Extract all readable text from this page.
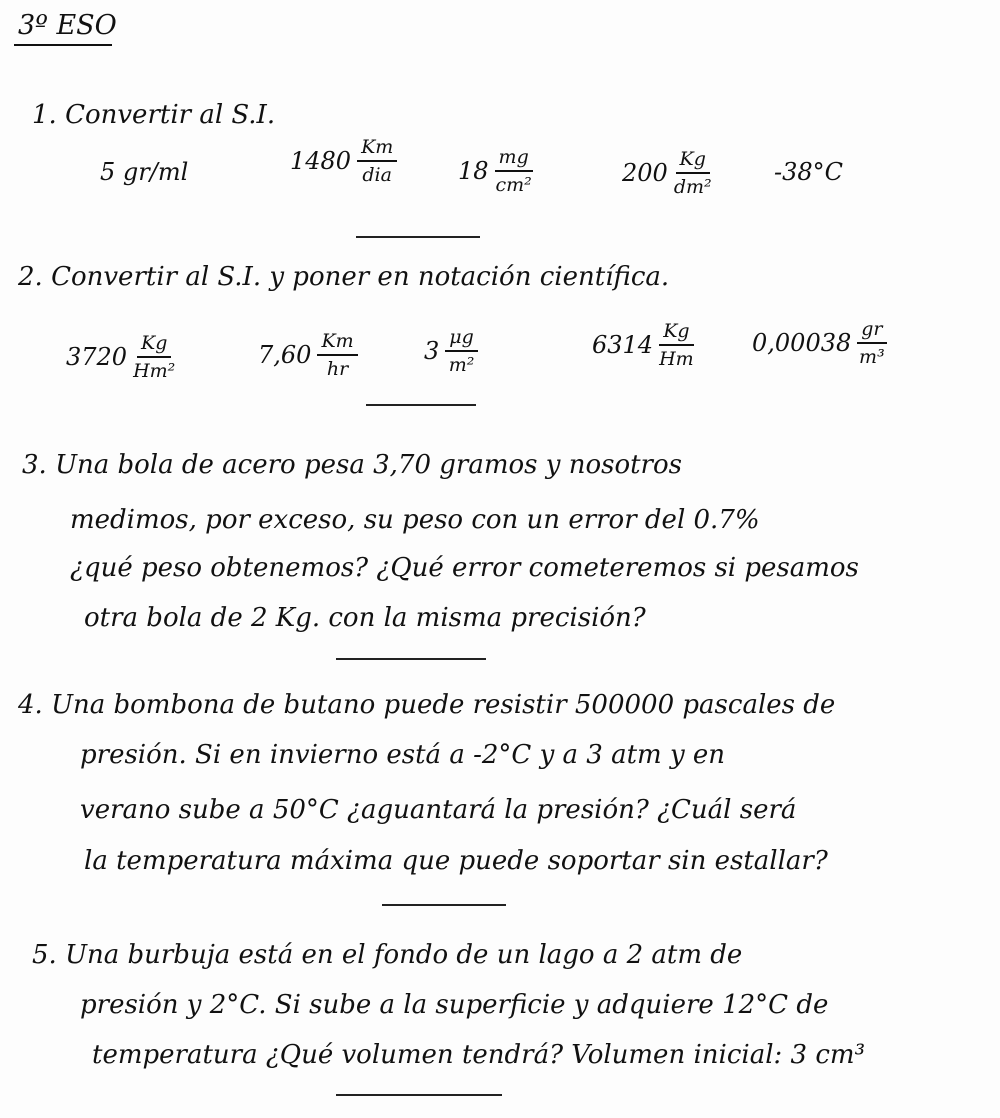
3º ESO
1. Convertir al S.I.
5 gr/ml	1480 Km
dia	18 mg
cm²	200 Kg
dm²
-38°C
2. Convertir al S.I. y poner en notación científica.
3720 Kg
Hm²
7,60 Km
hr
3 μg
m²
6314 Kg
Hm
0,00038 gr
m³
3. Una bola de acero pesa 3,70 gramos y nosotros
medimos, por exceso, su peso con un error del 0.7%
¿qué peso obtenemos? ¿Qué error cometeremos si pesamos
otra bola de 2 Kg. con la misma precisión?
4. Una bombona de butano puede resistir 500000 pascales de
presión. Si en invierno está a -2°C y a 3 atm y en
verano sube a 50°C ¿aguantará la presión? ¿Cuál será
la temperatura máxima que puede soportar sin estallar?
5. Una burbuja está en el fondo de un lago a 2 atm de
presión y 2°C. Si sube a la superficie y adquiere 12°C de
temperatura ¿Qué volumen tendrá? Volumen inicial: 3 cm³
